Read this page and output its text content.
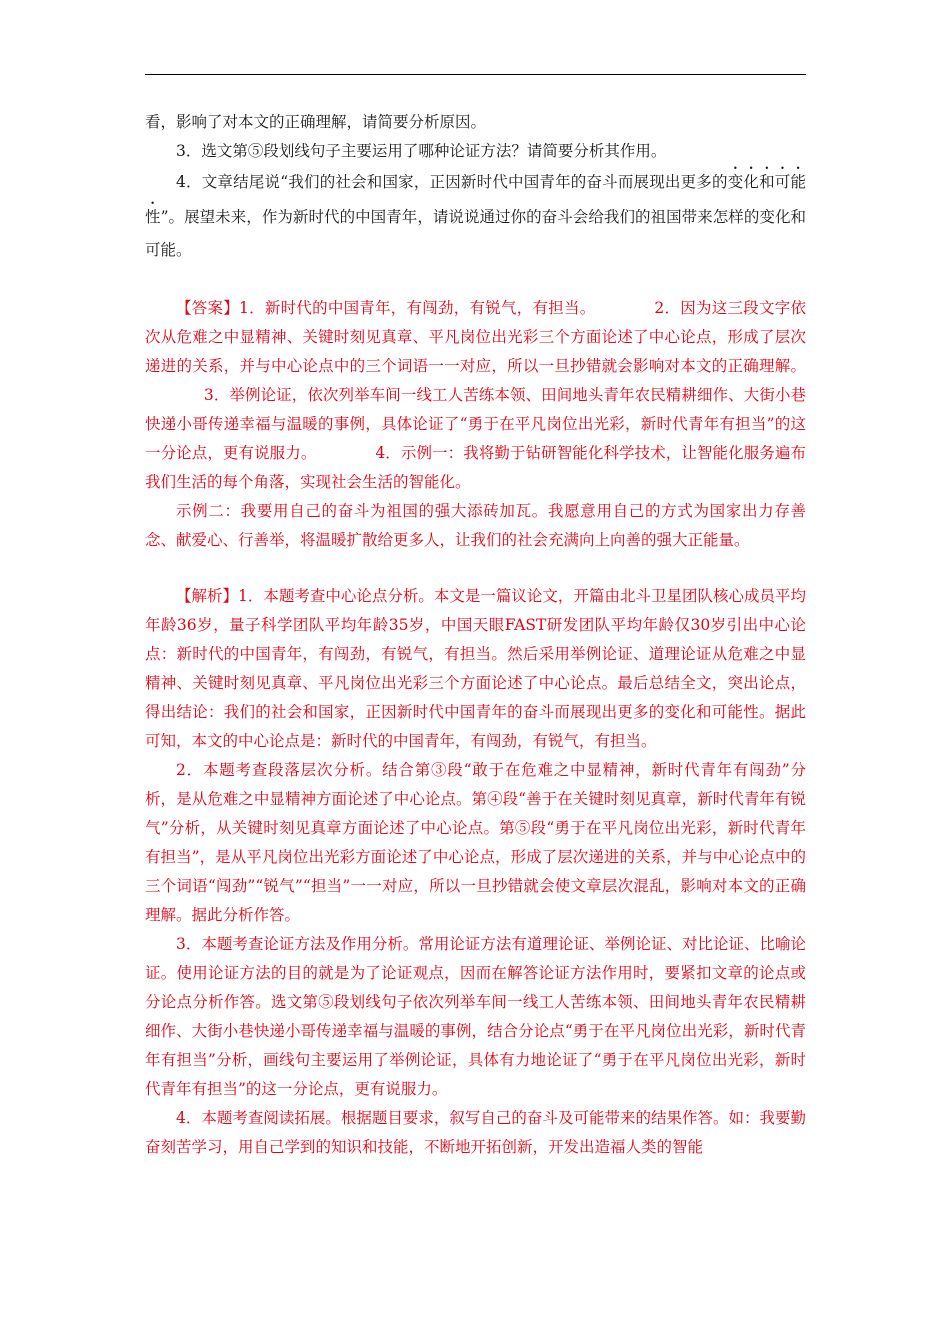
看，影响了对本文的正确理解，请简要分析原因。

3．选文第⑤段划线句子主要运用了哪种论证方法？请简要分析其作用。

4．文章结尾说“我们的社会和国家，正因新时代中国青年的奋斗而展现出更多的变化和可能性”。展望未来，作为新时代的中国青年，请说说通过你的奋斗会给我们的祖国带来怎样的变化和可能。

【答案】1．新时代的中国青年，有闯劲，有锐气，有担当。	2．因为这三段文字依次从危难之中显精神、关键时刻见真章、平凡岗位出光彩三个方面论述了中心论点，形成了层次递进的关系，并与中心论点中的三个词语一一对应，所以一旦抄错就会影响对本文的正确理解。3．举例论证，依次列举车间一线工人苦练本领、田间地头青年农民精耕细作、大街小巷快递小哥传递幸福与温暖的事例，具体论证了“勇于在平凡岗位出光彩，新时代青年有担当”的这一分论点，更有说服力。	4．示例一：我将勤于钻研智能化科学技术，让智能化服务遍布我们生活的每个角落，实现社会生活的智能化。

示例二：我要用自己的奋斗为祖国的强大添砖加瓦。我愿意用自己的方式为国家出力存善念、献爱心、行善举，将温暖扩散给更多人，让我们的社会充满向上向善的强大正能量。

【解析】1．本题考查中心论点分析。本文是一篇议论文，开篇由北斗卫星团队核心成员平均年龄36岁，量子科学团队平均年龄35岁，中国天眼FAST研发团队平均年龄仅30岁引出中心论点：新时代的中国青年，有闯劲，有锐气，有担当。然后采用举例论证、道理论证从危难之中显精神、关键时刻见真章、平凡岗位出光彩三个方面论述了中心论点。最后总结全文，突出论点，得出结论：我们的社会和国家，正因新时代中国青年的奋斗而展现出更多的变化和可能性。据此可知，本文的中心论点是：新时代的中国青年，有闯劲，有锐气，有担当。

2．本题考查段落层次分析。结合第③段“敢于在危难之中显精神，新时代青年有闯劲”分析，是从危难之中显精神方面论述了中心论点。第④段“善于在关键时刻见真章，新时代青年有锐气”分析，从关键时刻见真章方面论述了中心论点。第⑤段“勇于在平凡岗位出光彩，新时代青年有担当”，是从平凡岗位出光彩方面论述了中心论点，形成了层次递进的关系，并与中心论点中的三个词语“闯劲”“锐气”“担当”一一对应，所以一旦抄错就会使文章层次混乱，影响对本文的正确理解。据此分析作答。

3．本题考查论证方法及作用分析。常用论证方法有道理论证、举例论证、对比论证、比喻论证。使用论证方法的目的就是为了论证观点，因而在解答论证方法作用时，要紧扣文章的论点或分论点分析作答。选文第⑤段划线句子依次列举车间一线工人苦练本领、田间地头青年农民精耕细作、大街小巷快递小哥传递幸福与温暖的事例，结合分论点“勇于在平凡岗位出光彩，新时代青年有担当”分析，画线句主要运用了举例论证，具体有力地论证了“勇于在平凡岗位出光彩，新时代青年有担当”的这一分论点，更有说服力。

4．本题考查阅读拓展。根据题目要求，叙写自己的奋斗及可能带来的结果作答。如：我要勤奋刻苦学习，用自己学到的知识和技能，不断地开拓创新，开发出造福人类的智能
